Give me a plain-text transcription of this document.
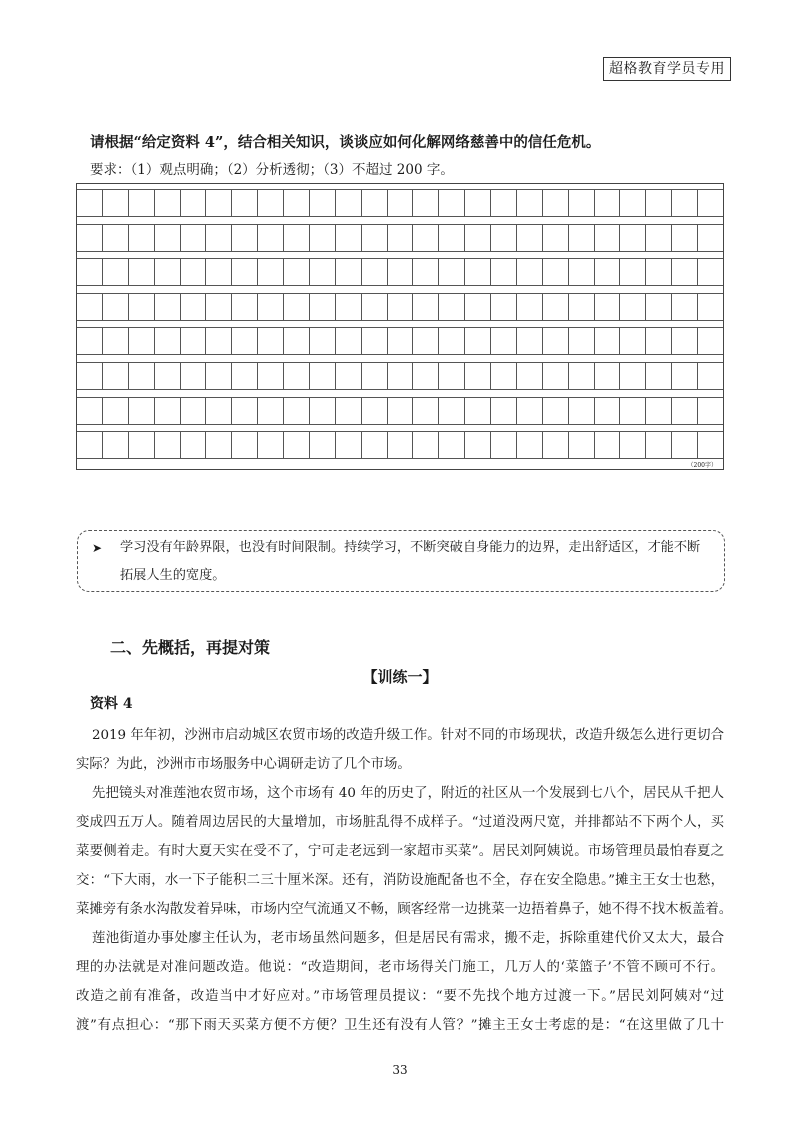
超格教育学员专用
请根据“给定资料 4”，结合相关知识，谈谈应如何化解网络慈善中的信任危机。
要求：（1）观点明确；（2）分析透彻；（3）不超过 200 字。
（200字）
➤ 学习没有年龄界限，也没有时间限制。持续学习，不断突破自身能力的边界，走出舒适区，才能不断
拓展人生的宽度。
二、先概括，再提对策
【训练一】
资料 4
2019 年年初，沙洲市启动城区农贸市场的改造升级工作。针对不同的市场现状，改造升级怎么进行更切合
实际？为此，沙洲市市场服务中心调研走访了几个市场。
先把镜头对准莲池农贸市场，这个市场有 40 年的历史了，附近的社区从一个发展到七八个，居民从千把人
变成四五万人。随着周边居民的大量增加，市场脏乱得不成样子。“过道没两尺宽，并排都站不下两个人，买
菜要侧着走。有时大夏天实在受不了，宁可走老远到一家超市买菜”。居民刘阿姨说。市场管理员最怕春夏之
交：“下大雨，水一下子能积二三十厘米深。还有，消防设施配备也不全，存在安全隐患。”摊主王女士也愁，
菜摊旁有条水沟散发着异味，市场内空气流通又不畅，顾客经常一边挑菜一边捂着鼻子，她不得不找木板盖着。
莲池街道办事处廖主任认为，老市场虽然问题多，但是居民有需求，搬不走，拆除重建代价又太大，最合
理的办法就是对准问题改造。他说：“改造期间，老市场得关门施工，几万人的‘菜篮子’不管不顾可不行。
改造之前有准备，改造当中才好应对。”市场管理员提议：“要不先找个地方过渡一下。”居民刘阿姨对“过
渡”有点担心：“那下雨天买菜方便不方便？卫生还有没有人管？”摊主王女士考虑的是：“在这里做了几十
33
